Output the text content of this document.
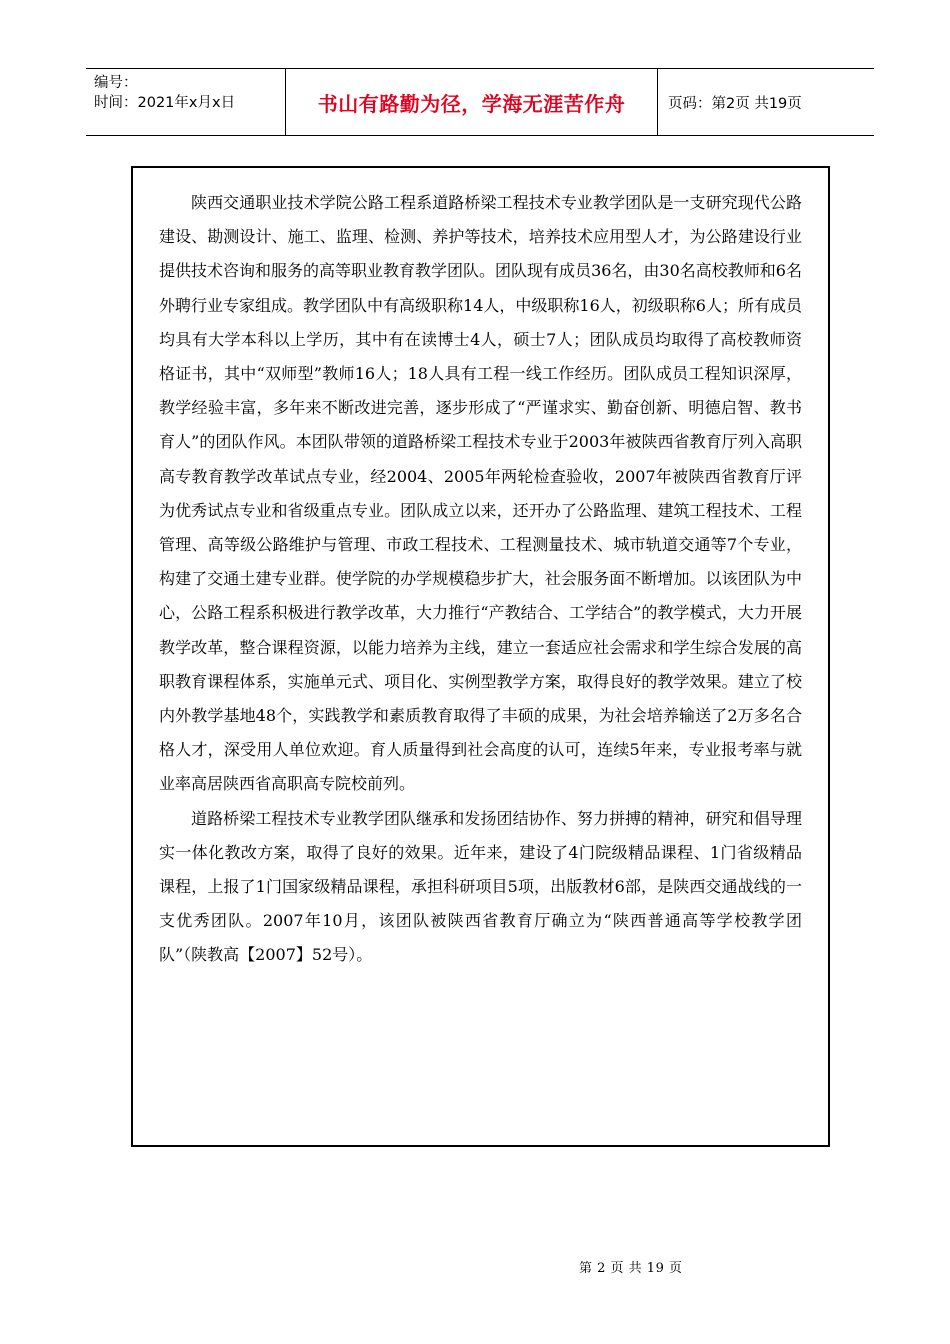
编号：
时间：2021年x月x日	书山有路勤为径，学海无涯苦作舟	页码：第2页 共19页

陕西交通职业技术学院公路工程系道路桥梁工程技术专业教学团队是一支研究现代公路建设、勘测设计、施工、监理、检测、养护等技术，培养技术应用型人才，为公路建设行业提供技术咨询和服务的高等职业教育教学团队。团队现有成员36名，由30名高校教师和6名外聘行业专家组成。教学团队中有高级职称14人，中级职称16人，初级职称6人；所有成员均具有大学本科以上学历，其中有在读博士4人，硕士7人；团队成员均取得了高校教师资格证书，其中“双师型”教师16人；18人具有工程一线工作经历。团队成员工程知识深厚，教学经验丰富，多年来不断改进完善，逐步形成了“严谨求实、勤奋创新、明德启智、教书育人”的团队作风。本团队带领的道路桥梁工程技术专业于2003年被陕西省教育厅列入高职高专教育教学改革试点专业，经2004、2005年两轮检查验收，2007年被陕西省教育厅评为优秀试点专业和省级重点专业。团队成立以来，还开办了公路监理、建筑工程技术、工程管理、高等级公路维护与管理、市政工程技术、工程测量技术、城市轨道交通等7个专业，构建了交通土建专业群。使学院的办学规模稳步扩大，社会服务面不断增加。以该团队为中心，公路工程系积极进行教学改革，大力推行“产教结合、工学结合”的教学模式，大力开展教学改革，整合课程资源，以能力培养为主线，建立一套适应社会需求和学生综合发展的高职教育课程体系，实施单元式、项目化、实例型教学方案，取得良好的教学效果。建立了校内外教学基地48个，实践教学和素质教育取得了丰硕的成果，为社会培养输送了2万多名合格人才，深受用人单位欢迎。育人质量得到社会高度的认可，连续5年来，专业报考率与就业率高居陕西省高职高专院校前列。

道路桥梁工程技术专业教学团队继承和发扬团结协作、努力拼搏的精神，研究和倡导理实一体化教改方案，取得了良好的效果。近年来，建设了4门院级精品课程、1门省级精品课程，上报了1门国家级精品课程，承担科研项目5项，出版教材6部，是陕西交通战线的一支优秀团队。2007年10月，该团队被陕西省教育厅确立为“陕西普通高等学校教学团队”（陕教高【2007】52号）。

第 2 页 共 19 页
